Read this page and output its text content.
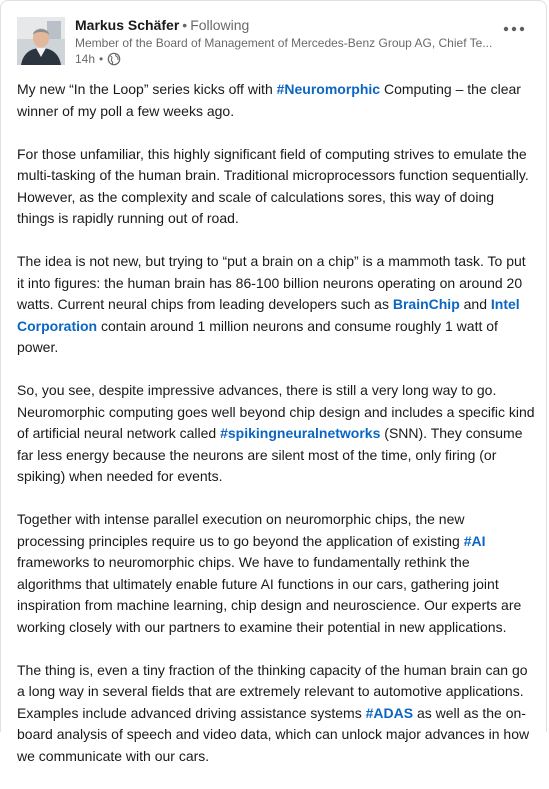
Markus Schäfer • Following
Member of the Board of Management of Mercedes-Benz Group AG, Chief Te...
14h •

My new “In the Loop” series kicks off with #Neuromorphic Computing – the clear winner of my poll a few weeks ago.

For those unfamiliar, this highly significant field of computing strives to emulate the multi-tasking of the human brain. Traditional microprocessors function sequentially. However, as the complexity and scale of calculations sores, this way of doing things is rapidly running out of road.

The idea is not new, but trying to “put a brain on a chip” is a mammoth task. To put it into figures: the human brain has 86-100 billion neurons operating on around 20 watts. Current neural chips from leading developers such as BrainChip and Intel Corporation contain around 1 million neurons and consume roughly 1 watt of power.

So, you see, despite impressive advances, there is still a very long way to go. Neuromorphic computing goes well beyond chip design and includes a specific kind of artificial neural network called #spikingneuralnetworks (SNN). They consume far less energy because the neurons are silent most of the time, only firing (or spiking) when needed for events.

Together with intense parallel execution on neuromorphic chips, the new processing principles require us to go beyond the application of existing #AI frameworks to neuromorphic chips. We have to fundamentally rethink the algorithms that ultimately enable future AI functions in our cars, gathering joint inspiration from machine learning, chip design and neuroscience. Our experts are working closely with our partners to examine their potential in new applications.

The thing is, even a tiny fraction of the thinking capacity of the human brain can go a long way in several fields that are extremely relevant to automotive applications. Examples include advanced driving assistance systems #ADAS as well as the on-board analysis of speech and video data, which can unlock major advances in how we communicate with our cars.
